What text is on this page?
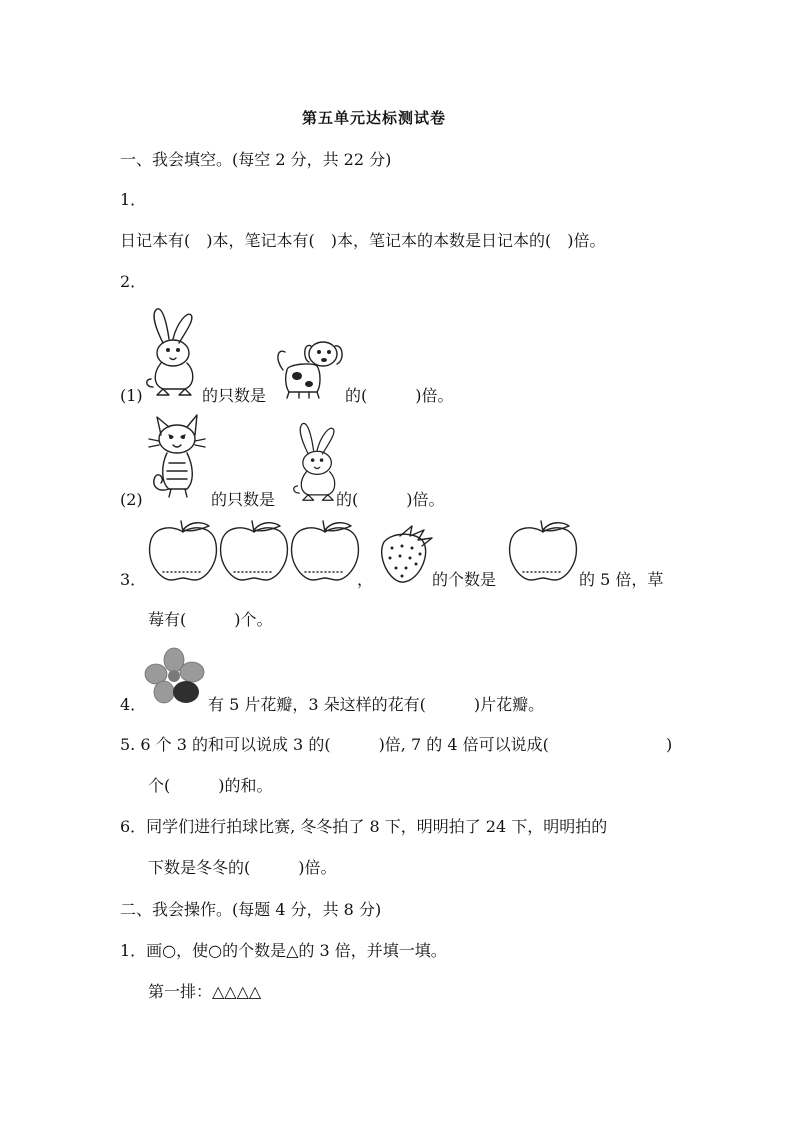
第五单元达标测试卷
一、我会填空。(每空 2 分，共 22 分)
1．
日记本有(　)本，笔记本有(　)本，笔记本的本数是日记本的(　)倍。
2．
(1)	的只数是	的(　　　)倍。
(2)	的只数是	的(　　　)倍。
3．	，	的个数是	的 5 倍，草
莓有(　　　)个。
4．	有 5 片花瓣，3 朵这样的花有(　　　)片花瓣。
5. 6 个 3 的和可以说成 3 的(　　　)倍, 7 的 4 倍可以说成(	)
个(　　　)的和。
6．同学们进行拍球比赛, 冬冬拍了 8 下，明明拍了 24 下，明明拍的
下数是冬冬的(　　　)倍。
二、我会操作。(每题 4 分，共 8 分)
1．画○，使○的个数是△的 3 倍，并填一填。
第一排：△△△△
